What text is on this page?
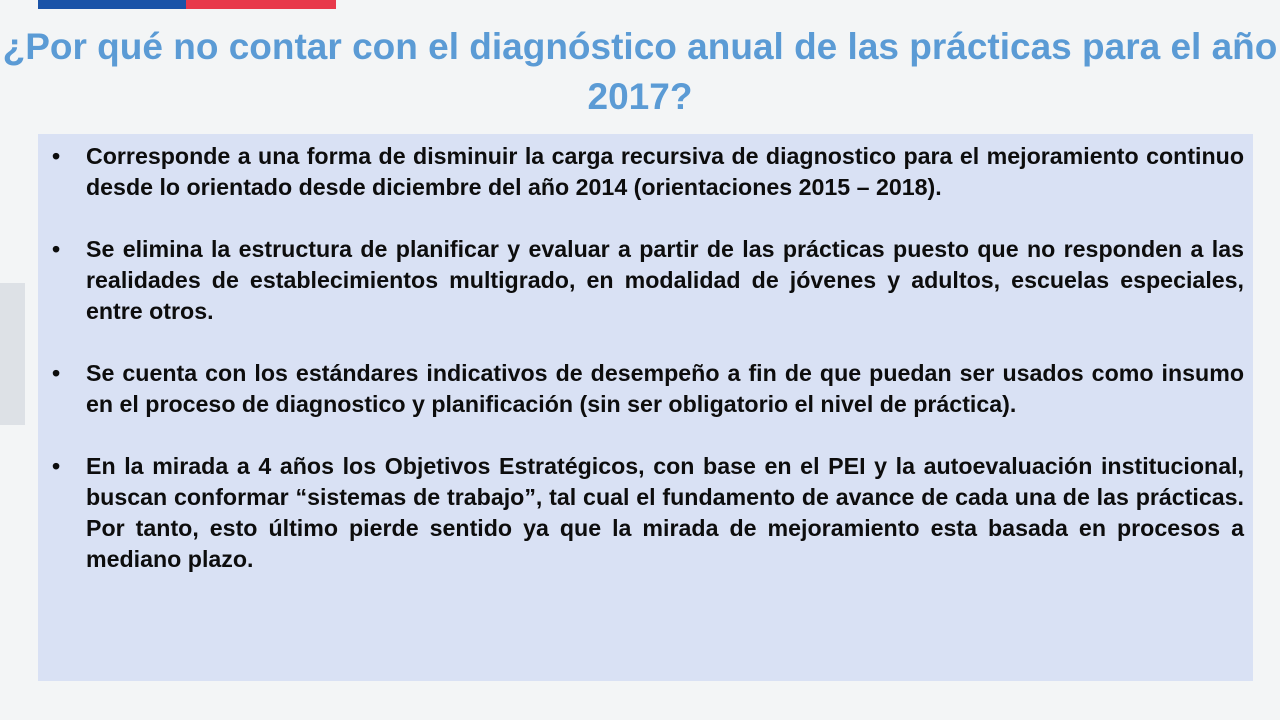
¿Por qué no contar con el diagnóstico anual de las prácticas para el año 2017?
• Corresponde a una forma de disminuir la carga recursiva de diagnostico para el mejoramiento continuo desde lo orientado desde diciembre del año 2014 (orientaciones 2015 – 2018).
• Se elimina la estructura de planificar y evaluar a partir de las prácticas puesto que no responden a las realidades de establecimientos multigrado, en modalidad de jóvenes y adultos, escuelas especiales, entre otros.
• Se cuenta con los estándares indicativos de desempeño a fin de que puedan ser usados como insumo en el proceso de diagnostico y planificación (sin ser obligatorio el nivel de práctica).
• En la mirada a 4 años los Objetivos Estratégicos, con base en el PEI y la autoevaluación institucional, buscan conformar “sistemas de trabajo”, tal cual el fundamento de avance de cada una de las prácticas. Por tanto, esto último pierde sentido ya que la mirada de mejoramiento esta basada en procesos a mediano plazo.
